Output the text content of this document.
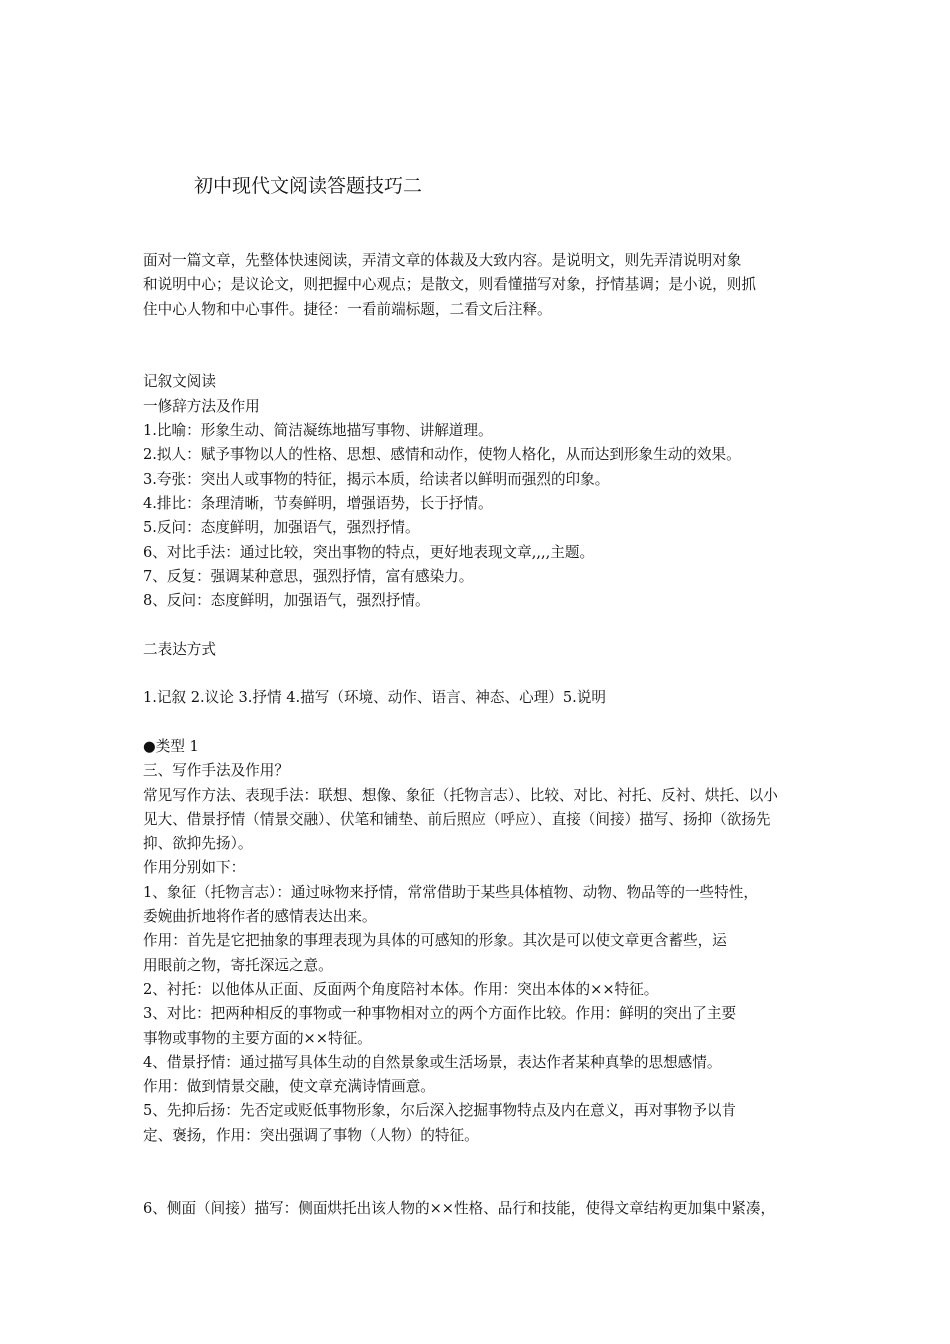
初中现代文阅读答题技巧二

面对一篇文章，先整体快速阅读，弄清文章的体裁及大致内容。是说明文，则先弄清说明对象

和说明中心；是议论文，则把握中心观点；是散文，则看懂描写对象，抒情基调；是小说，则抓

住中心人物和中心事件。捷径：一看前端标题，二看文后注释。

记叙文阅读

一修辞方法及作用

1.比喻：形象生动、简洁凝练地描写事物、讲解道理。

2.拟人：赋予事物以人的性格、思想、感情和动作，使物人格化，从而达到形象生动的效果。

3.夸张：突出人或事物的特征，揭示本质，给读者以鲜明而强烈的印象。

4.排比：条理清晰，节奏鲜明，增强语势，长于抒情。

5.反问：态度鲜明，加强语气，强烈抒情。

6、对比手法：通过比较，突出事物的特点，更好地表现文章,,,,主题。

7、反复：强调某种意思，强烈抒情，富有感染力。

8、反问：态度鲜明，加强语气，强烈抒情。

二表达方式

1.记叙 2.议论 3.抒情 4.描写（环境、动作、语言、神态、心理）5.说明

●类型 1

三、写作手法及作用？

常见写作方法、表现手法：联想、想像、象征（托物言志）、比较、对比、衬托、反衬、烘托、以小

见大、借景抒情（情景交融）、伏笔和铺垫、前后照应（呼应）、直接（间接）描写、扬抑（欲扬先

抑、欲抑先扬）。

作用分别如下：

1、象征（托物言志）：通过咏物来抒情，常常借助于某些具体植物、动物、物品等的一些特性，

委婉曲折地将作者的感情表达出来。

作用：首先是它把抽象的事理表现为具体的可感知的形象。其次是可以使文章更含蓄些，运

用眼前之物，寄托深远之意。

2、衬托：以他体从正面、反面两个角度陪衬本体。作用：突出本体的××特征。

3、对比：把两种相反的事物或一种事物相对立的两个方面作比较。作用：鲜明的突出了主要

事物或事物的主要方面的××特征。

4、借景抒情：通过描写具体生动的自然景象或生活场景，表达作者某种真挚的思想感情。

作用：做到情景交融，使文章充满诗情画意。

5、先抑后扬：先否定或贬低事物形象，尔后深入挖掘事物特点及内在意义，再对事物予以肯

定、褒扬，作用：突出强调了事物（人物）的特征。

6、侧面（间接）描写：侧面烘托出该人物的××性格、品行和技能，使得文章结构更加集中紧凑，
